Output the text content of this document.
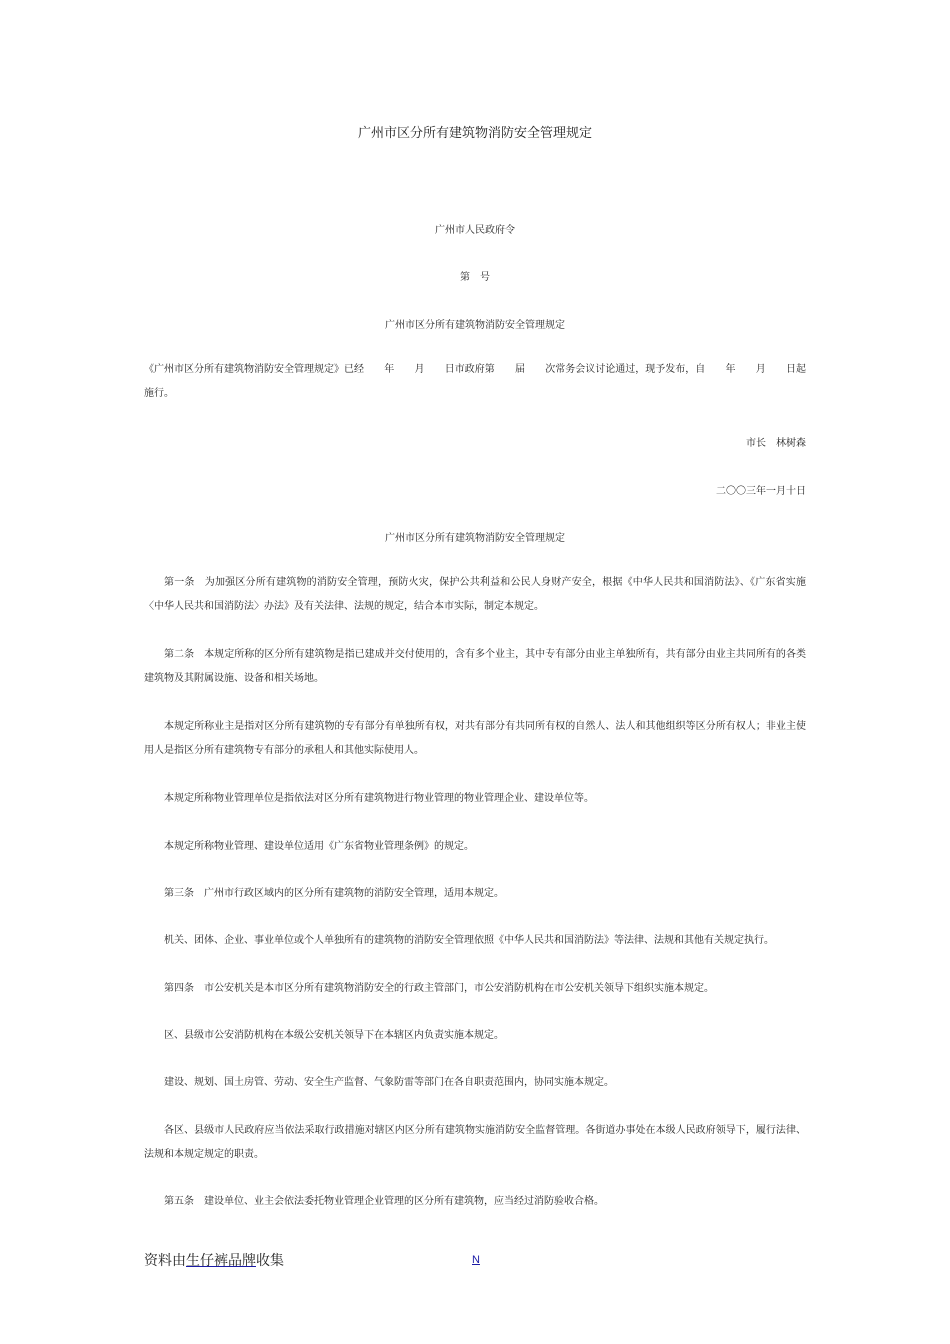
广州市区分所有建筑物消防安全管理规定
广州市人民政府令
第　号
广州市区分所有建筑物消防安全管理规定
《广州市区分所有建筑物消防安全管理规定》已经 年 月 日市政府第 届 次常务会议讨论通过，现予发布，自 年 月 日起
施行。
市长　林树森
二〇〇三年一月十日
广州市区分所有建筑物消防安全管理规定
第一条　为加强区分所有建筑物的消防安全管理，预防火灾，保护公共利益和公民人身财产安全，根据《中华人民共和国消防法》、《广东省实施〈中华人民共和国消防法〉办法》及有关法律、法规的规定，结合本市实际，制定本规定。
第二条　本规定所称的区分所有建筑物是指已建成并交付使用的，含有多个业主，其中专有部分由业主单独所有，共有部分由业主共同所有的各类建筑物及其附属设施、设备和相关场地。
本规定所称业主是指对区分所有建筑物的专有部分有单独所有权，对共有部分有共同所有权的自然人、法人和其他组织等区分所有权人；非业主使用人是指区分所有建筑物专有部分的承租人和其他实际使用人。
本规定所称物业管理单位是指依法对区分所有建筑物进行物业管理的物业管理企业、建设单位等。
本规定所称物业管理、建设单位适用《广东省物业管理条例》的规定。
第三条　广州市行政区域内的区分所有建筑物的消防安全管理，适用本规定。
机关、团体、企业、事业单位或个人单独所有的建筑物的消防安全管理依照《中华人民共和国消防法》等法律、法规和其他有关规定执行。
第四条　市公安机关是本市区分所有建筑物消防安全的行政主管部门，市公安消防机构在市公安机关领导下组织实施本规定。
区、县级市公安消防机构在本级公安机关领导下在本辖区内负责实施本规定。
建设、规划、国土房管、劳动、安全生产监督、气象防雷等部门在各自职责范围内，协同实施本规定。
各区、县级市人民政府应当依法采取行政措施对辖区内区分所有建筑物实施消防安全监督管理。各街道办事处在本级人民政府领导下，履行法律、法规和本规定规定的职责。
第五条　建设单位、业主会依法委托物业管理企业管理的区分所有建筑物，应当经过消防验收合格。
资料由生仔裤品牌收集	N
